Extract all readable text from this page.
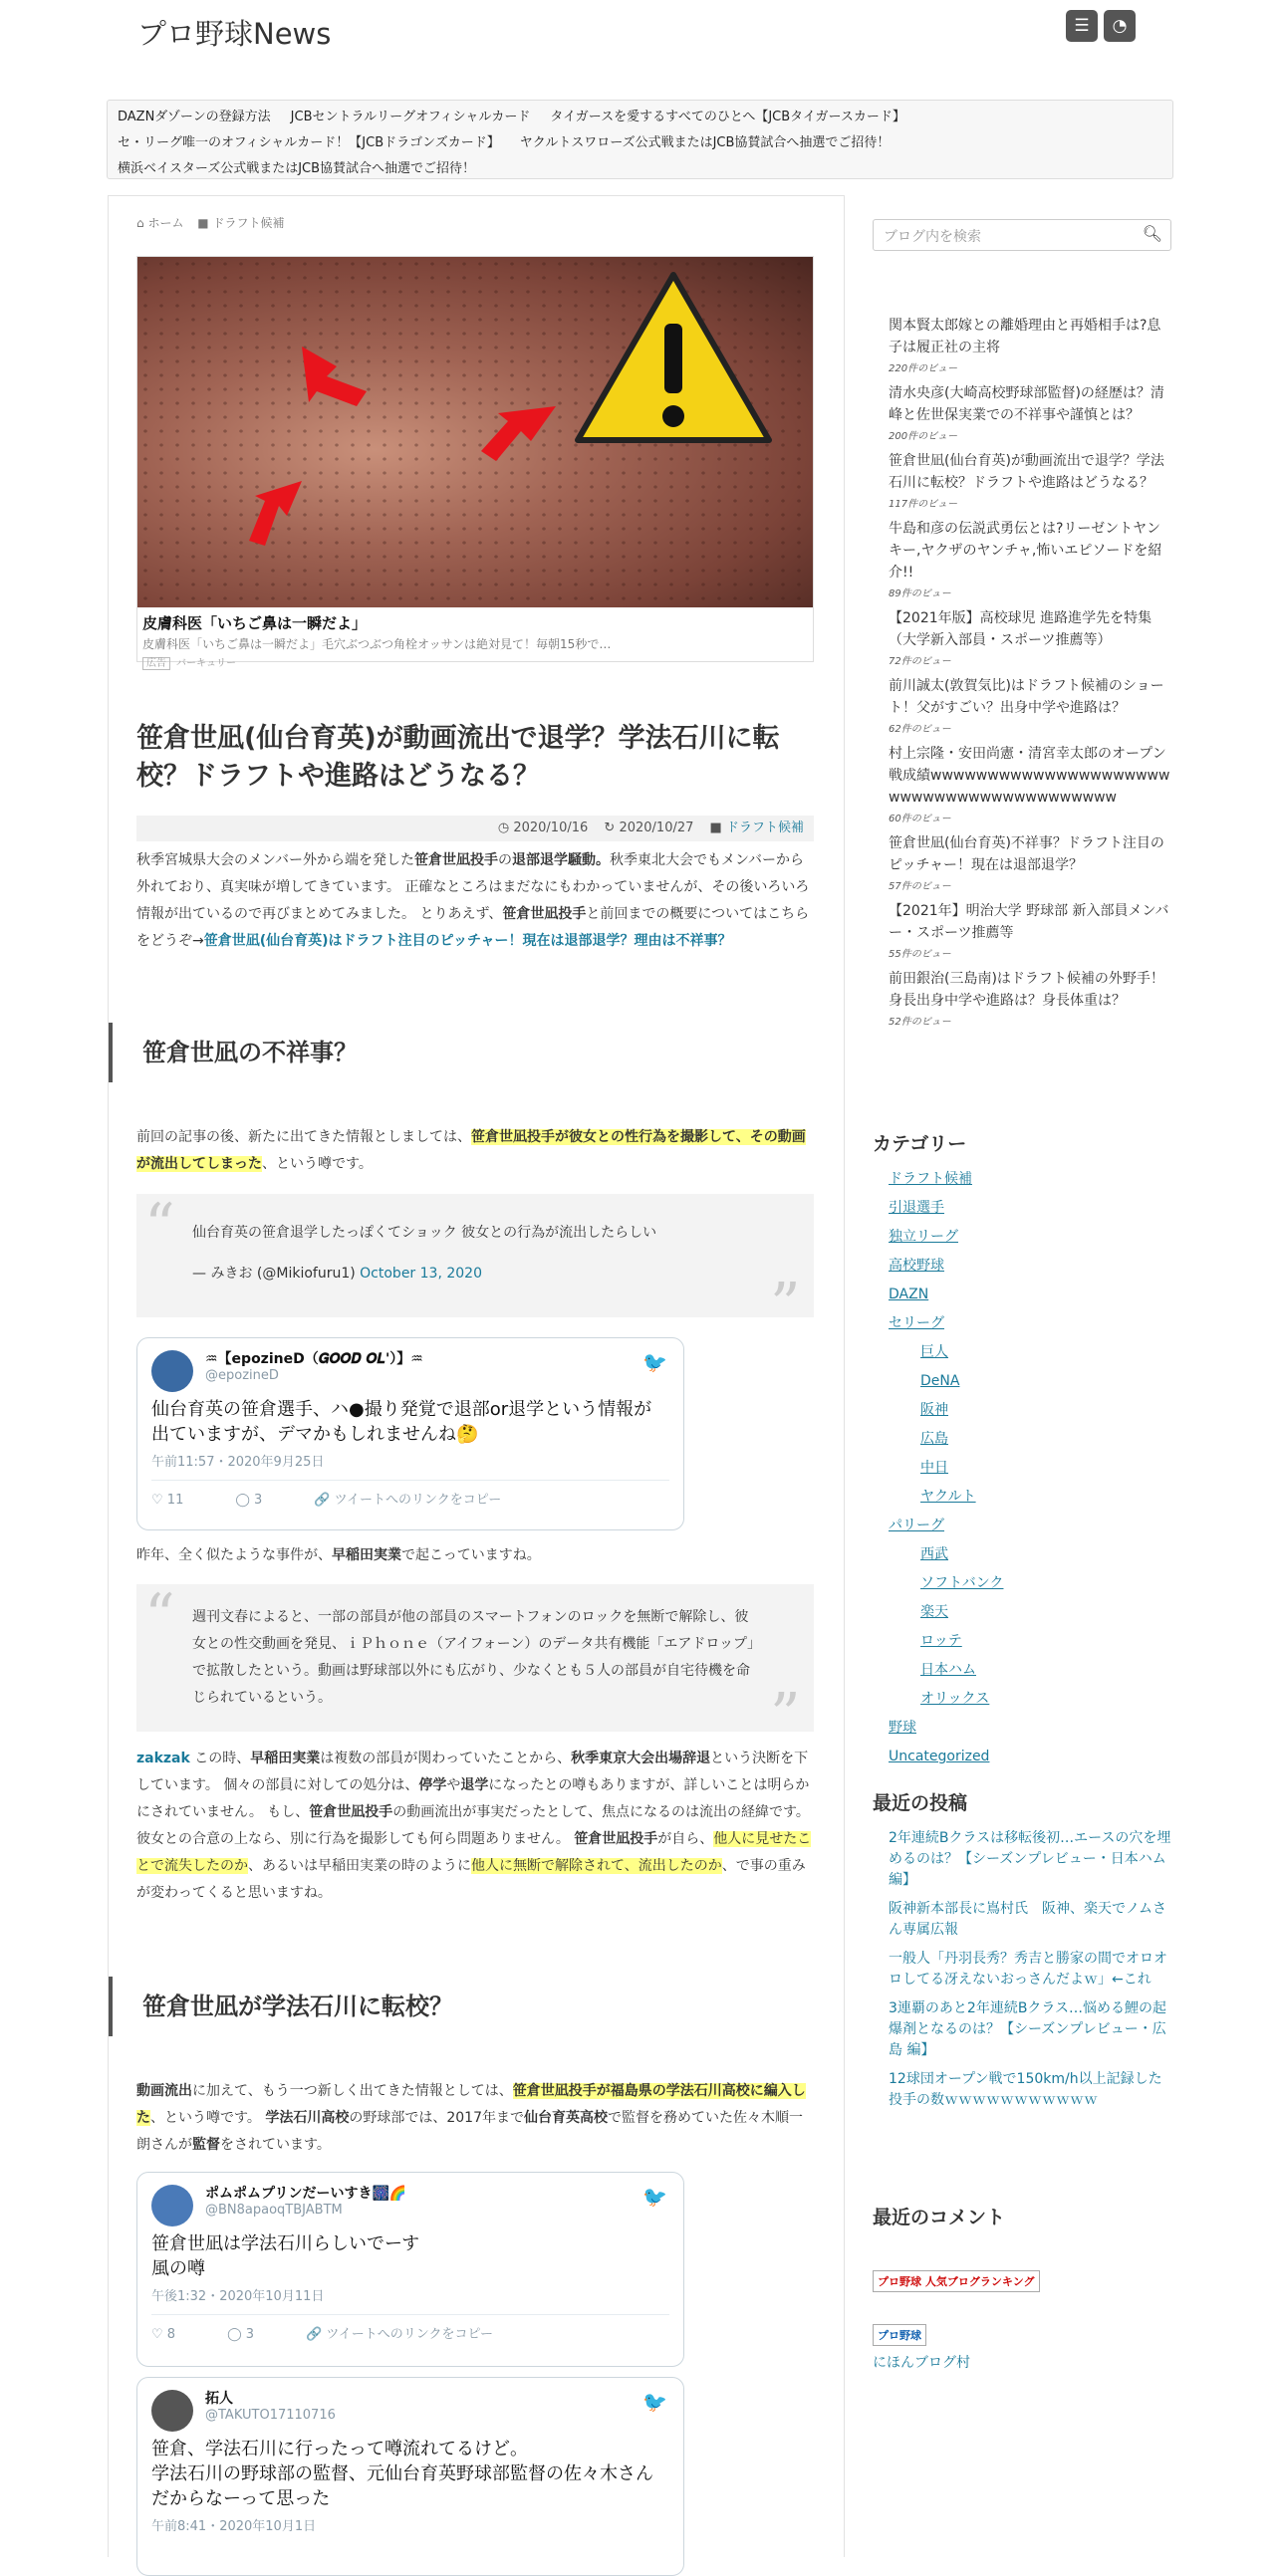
プロ野球News	☰	◔
DAZNダゾーンの登録方法 JCBセントラルリーグオフィシャルカード タイガースを愛するすべてのひとへ【JCBタイガースカード】
セ・リーグ唯一のオフィシャルカード！【JCBドラゴンズカード】 ヤクルトスワローズ公式戦またはJCB協賛試合へ抽選でご招待！
横浜ベイスターズ公式戦またはJCB協賛試合へ抽選でご招待！
⌂ ホーム ■ ドラフト候補
皮膚科医「いちご鼻は一瞬だよ」
皮膚科医「いちご鼻は一瞬だよ」毛穴ぶつぶつ角栓オッサンは絶対見て！毎朝15秒で…
広告 バーキュリー
笹倉世凪(仙台育英)が動画流出で退学？学法石川に転校？ドラフトや進路はどうなる？
◷ 2020/10/16 ↻ 2020/10/27 ■ ドラフト候補
秋季宮城県大会のメンバー外から端を発した笹倉世凪投手の退部退学騒動。秋季東北大会でもメンバーから外れており、真実味が増してきています。 正確なところはまだなにもわかっていませんが、その後いろいろ情報が出ているので再びまとめてみました。 とりあえず、笹倉世凪投手と前回までの概要についてはこちらをどうぞ→笹倉世凪(仙台育英)はドラフト注目のピッチャー！現在は退部退学？理由は不祥事？
笹倉世凪の不祥事？
前回の記事の後、新たに出てきた情報としましては、笹倉世凪投手が彼女との性行為を撮影して、その動画が流出してしまった、という噂です。
仙台育英の笹倉退学したっぽくてショック 彼女との行為が流出したらしい
— みきお (@Mikiofuru1) October 13, 2020
“
”
🐦
♒【epozineD（𝑮𝑶𝑶𝑫 𝑶𝑳'）】♒
@epozineD
仙台育英の笹倉選手、ハ●撮り発覚で退部or退学という情報が出ていますが、デマかもしれませんね🤔
午前11:57・2020年9月25日
♡ 11	◯ 3	🔗 ツイートへのリンクをコピー
昨年、全く似たような事件が、早稲田実業で起こっていますね。
週刊文春によると、一部の部員が他の部員のスマートフォンのロックを無断で解除し、彼女との性交動画を発見、ｉＰｈｏｎｅ（アイフォーン）のデータ共有機能「エアドロップ」で拡散したという。動画は野球部以外にも広がり、少なくとも５人の部員が自宅待機を命じられているという。
“
”
zakzak この時、早稲田実業は複数の部員が関わっていたことから、秋季東京大会出場辞退という決断を下しています。 個々の部員に対しての処分は、停学や退学になったとの噂もありますが、詳しいことは明らかにされていません。 もし、笹倉世凪投手の動画流出が事実だったとして、焦点になるのは流出の経緯です。 彼女との合意の上なら、別に行為を撮影しても何ら問題ありません。 笹倉世凪投手が自ら、他人に見せたことで流失したのか、あるいは早稲田実業の時のように他人に無断で解除されて、流出したのか、で事の重みが変わってくると思いますね。
笹倉世凪が学法石川に転校？
動画流出に加えて、もう一つ新しく出てきた情報としては、笹倉世凪投手が福島県の学法石川高校に編入した、という噂です。 学法石川高校の野球部では、2017年まで仙台育英高校で監督を務めていた佐々木順一朗さんが監督をされています。
🐦
ポムポムプリンだーいすき🎆🌈
@BN8apaoqTBJABTM
笹倉世凪は学法石川らしいでーす
風の噂
午後1:32・2020年10月11日
♡ 8	◯ 3	🔗 ツイートへのリンクをコピー
🐦
拓人
@TAKUTO17110716
笹倉、学法石川に行ったって噂流れてるけど。
学法石川の野球部の監督、元仙台育英野球部監督の佐々木さんだからなーって思った
午前8:41・2020年10月1日
ブログ内を検索	🔍︎
関本賢太郎嫁との離婚理由と再婚相手は?息子は履正社の主将
220件のビュー
清水央彦(大崎高校野球部監督)の経歴は？清峰と佐世保実業での不祥事や謹慎とは？
200件のビュー
笹倉世凪(仙台育英)が動画流出で退学？学法石川に転校？ドラフトや進路はどうなる？
117件のビュー
牛島和彦の伝説武勇伝とは?リーゼントヤンキー,ヤクザのヤンチャ,怖いエピソードを紹介!!
89件のビュー
【2021年版】高校球児 進路進学先を特集（大学新入部員・スポーツ推薦等）
72件のビュー
前川誠太(敦賀気比)はドラフト候補のショート！父がすごい？出身中学や進路は？
62件のビュー
村上宗隆・安田尚憲・清宮幸太郎のオープン戦成績wwwwwwwwwwwwwwwwwwwwwwwwwwwwwwwwwwwwwwwww
60件のビュー
笹倉世凪(仙台育英)不祥事？ドラフト注目のピッチャー！現在は退部退学？
57件のビュー
【2021年】明治大学 野球部 新入部員メンバー・スポーツ推薦等
55件のビュー
前田銀治(三島南)はドラフト候補の外野手！身長出身中学や進路は？身長体重は？
52件のビュー
カテゴリー
ドラフト候補
引退選手
独立リーグ
高校野球
DAZN
セリーグ
巨人
DeNA
阪神
広島
中日
ヤクルト
パリーグ
西武
ソフトバンク
楽天
ロッテ
日本ハム
オリックス
野球
Uncategorized
最近の投稿
2年連続Bクラスは移転後初…エースの穴を埋めるのは？【シーズンプレビュー・日本ハム 編】
阪神新本部長に嶌村氏　阪神、楽天でノムさん専属広報
一般人「丹羽長秀？秀吉と勝家の間でオロオロしてる冴えないおっさんだよｗ」←これ
3連覇のあと2年連続Bクラス…悩める鯉の起爆剤となるのは？【シーズンプレビュー・広島 編】
12球団オープン戦で150km/h以上記録した投手の数ｗｗｗｗｗｗｗｗｗｗｗ
最近のコメント
プロ野球 人気ブログランキング
プロ野球
にほんブログ村
